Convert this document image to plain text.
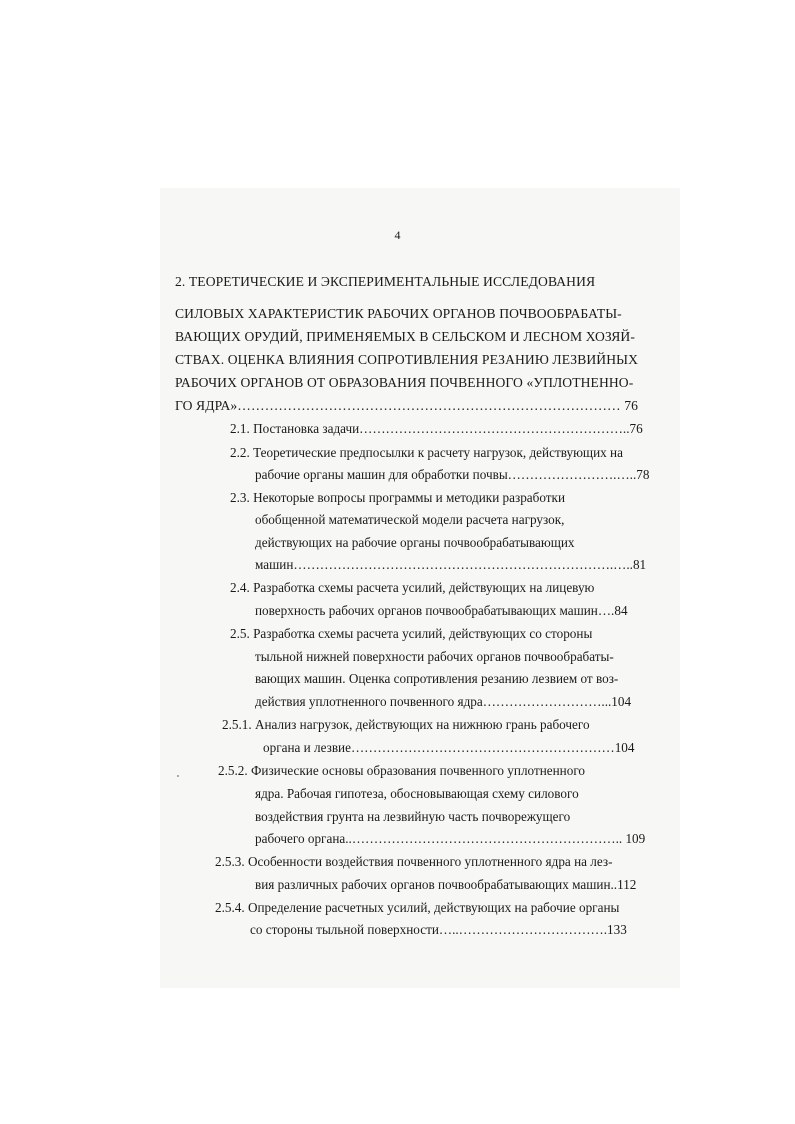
4
2. ТЕОРЕТИЧЕСКИЕ И ЭКСПЕРИМЕНТАЛЬНЫЕ ИССЛЕДОВАНИЯ
СИЛОВЫХ ХАРАКТЕРИСТИК РАБОЧИХ ОРГАНОВ ПОЧВООБРАБАТЫ-
ВАЮЩИХ ОРУДИЙ, ПРИМЕНЯЕМЫХ В СЕЛЬСКОМ И ЛЕСНОМ ХОЗЯЙ-
СТВАХ. ОЦЕНКА ВЛИЯНИЯ СОПРОТИВЛЕНИЯ РЕЗАНИЮ ЛЕЗВИЙНЫХ
РАБОЧИХ ОРГАНОВ ОТ ОБРАЗОВАНИЯ ПОЧВЕННОГО «УПЛОТНЕННО-
ГО ЯДРА»………………………………………………………………………… 76
2.1. Постановка задачи……………………………………………………..76
2.2. Теоретические предпосылки к расчету нагрузок, действующих на
рабочие органы машин для обработки почвы…………………….…..78
2.3. Некоторые вопросы программы и методики разработки
обобщенной математической модели расчета нагрузок,
действующих на рабочие органы почвообрабатывающих
машин……………………………………………………………….…..81
2.4. Разработка схемы расчета усилий, действующих на лицевую
поверхность рабочих органов почвообрабатывающих машин….84
2.5. Разработка схемы расчета усилий, действующих со стороны
тыльной нижней поверхности рабочих органов почвообрабаты-
вающих машин. Оценка сопротивления резанию лезвием от воз-
действия уплотненного почвенного ядра………………………...104
2.5.1. Анализ нагрузок, действующих на нижнюю грань рабочего
органа и лезвие……………………………………………………104
2.5.2. Физические основы образования почвенного уплотненного
ядра. Рабочая гипотеза, обосновывающая схему силового
воздействия грунта на лезвийную часть почворежущего
рабочего органа..…………………………………………………….. 109
2.5.3. Особенности воздействия почвенного уплотненного ядра на лез-
вия различных рабочих органов почвообрабатывающих машин..112
2.5.4. Определение расчетных усилий, действующих на рабочие органы
со стороны тыльной поверхности…..…………………………….133
